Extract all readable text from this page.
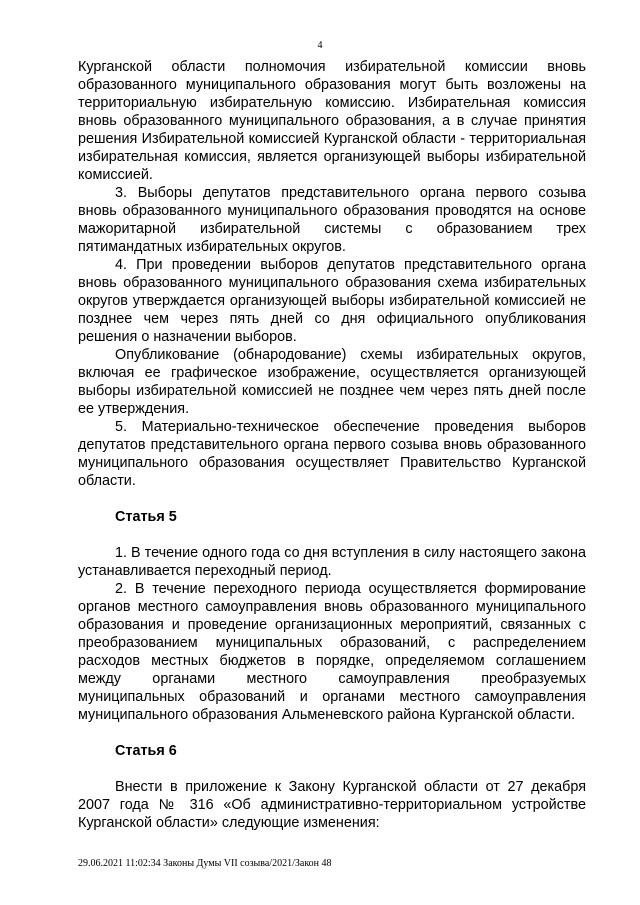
4

Курганской области полномочия избирательной комиссии вновь образованного муниципального образования могут быть возложены на территориальную избирательную комиссию. Избирательная комиссия вновь образованного муниципального образования, а в случае принятия решения Избирательной комиссией Курганской области - территориальная избирательная комиссия, является организующей выборы избирательной комиссией.

3. Выборы депутатов представительного органа первого созыва вновь образованного муниципального образования проводятся на основе мажоритарной избирательной системы с образованием трех пятимандатных избирательных округов.

4. При проведении выборов депутатов представительного органа вновь образованного муниципального образования схема избирательных округов утверждается организующей выборы избирательной комиссией не позднее чем через пять дней со дня официального опубликования решения о назначении выборов.

Опубликование (обнародование) схемы избирательных округов, включая ее графическое изображение, осуществляется организующей выборы избирательной комиссией не позднее чем через пять дней после ее утверждения.

5. Материально-техническое обеспечение проведения выборов депутатов представительного органа первого созыва вновь образованного муниципального образования осуществляет Правительство Курганской области.

Статья 5

1. В течение одного года со дня вступления в силу настоящего закона устанавливается переходный период.

2. В течение переходного периода осуществляется формирование органов местного самоуправления вновь образованного муниципального образования и проведение организационных мероприятий, связанных с преобразованием муниципальных образований, с распределением расходов местных бюджетов в порядке, определяемом соглашением между органами местного самоуправления преобразуемых муниципальных образований и органами местного самоуправления муниципального образования Альменевского района Курганской области.

Статья 6

Внести в приложение к Закону Курганской области от 27 декабря 2007 года № 316 «Об административно-территориальном устройстве Курганской области» следующие изменения:

29.06.2021 11:02:34 Законы Думы VII созыва/2021/Закон 48
